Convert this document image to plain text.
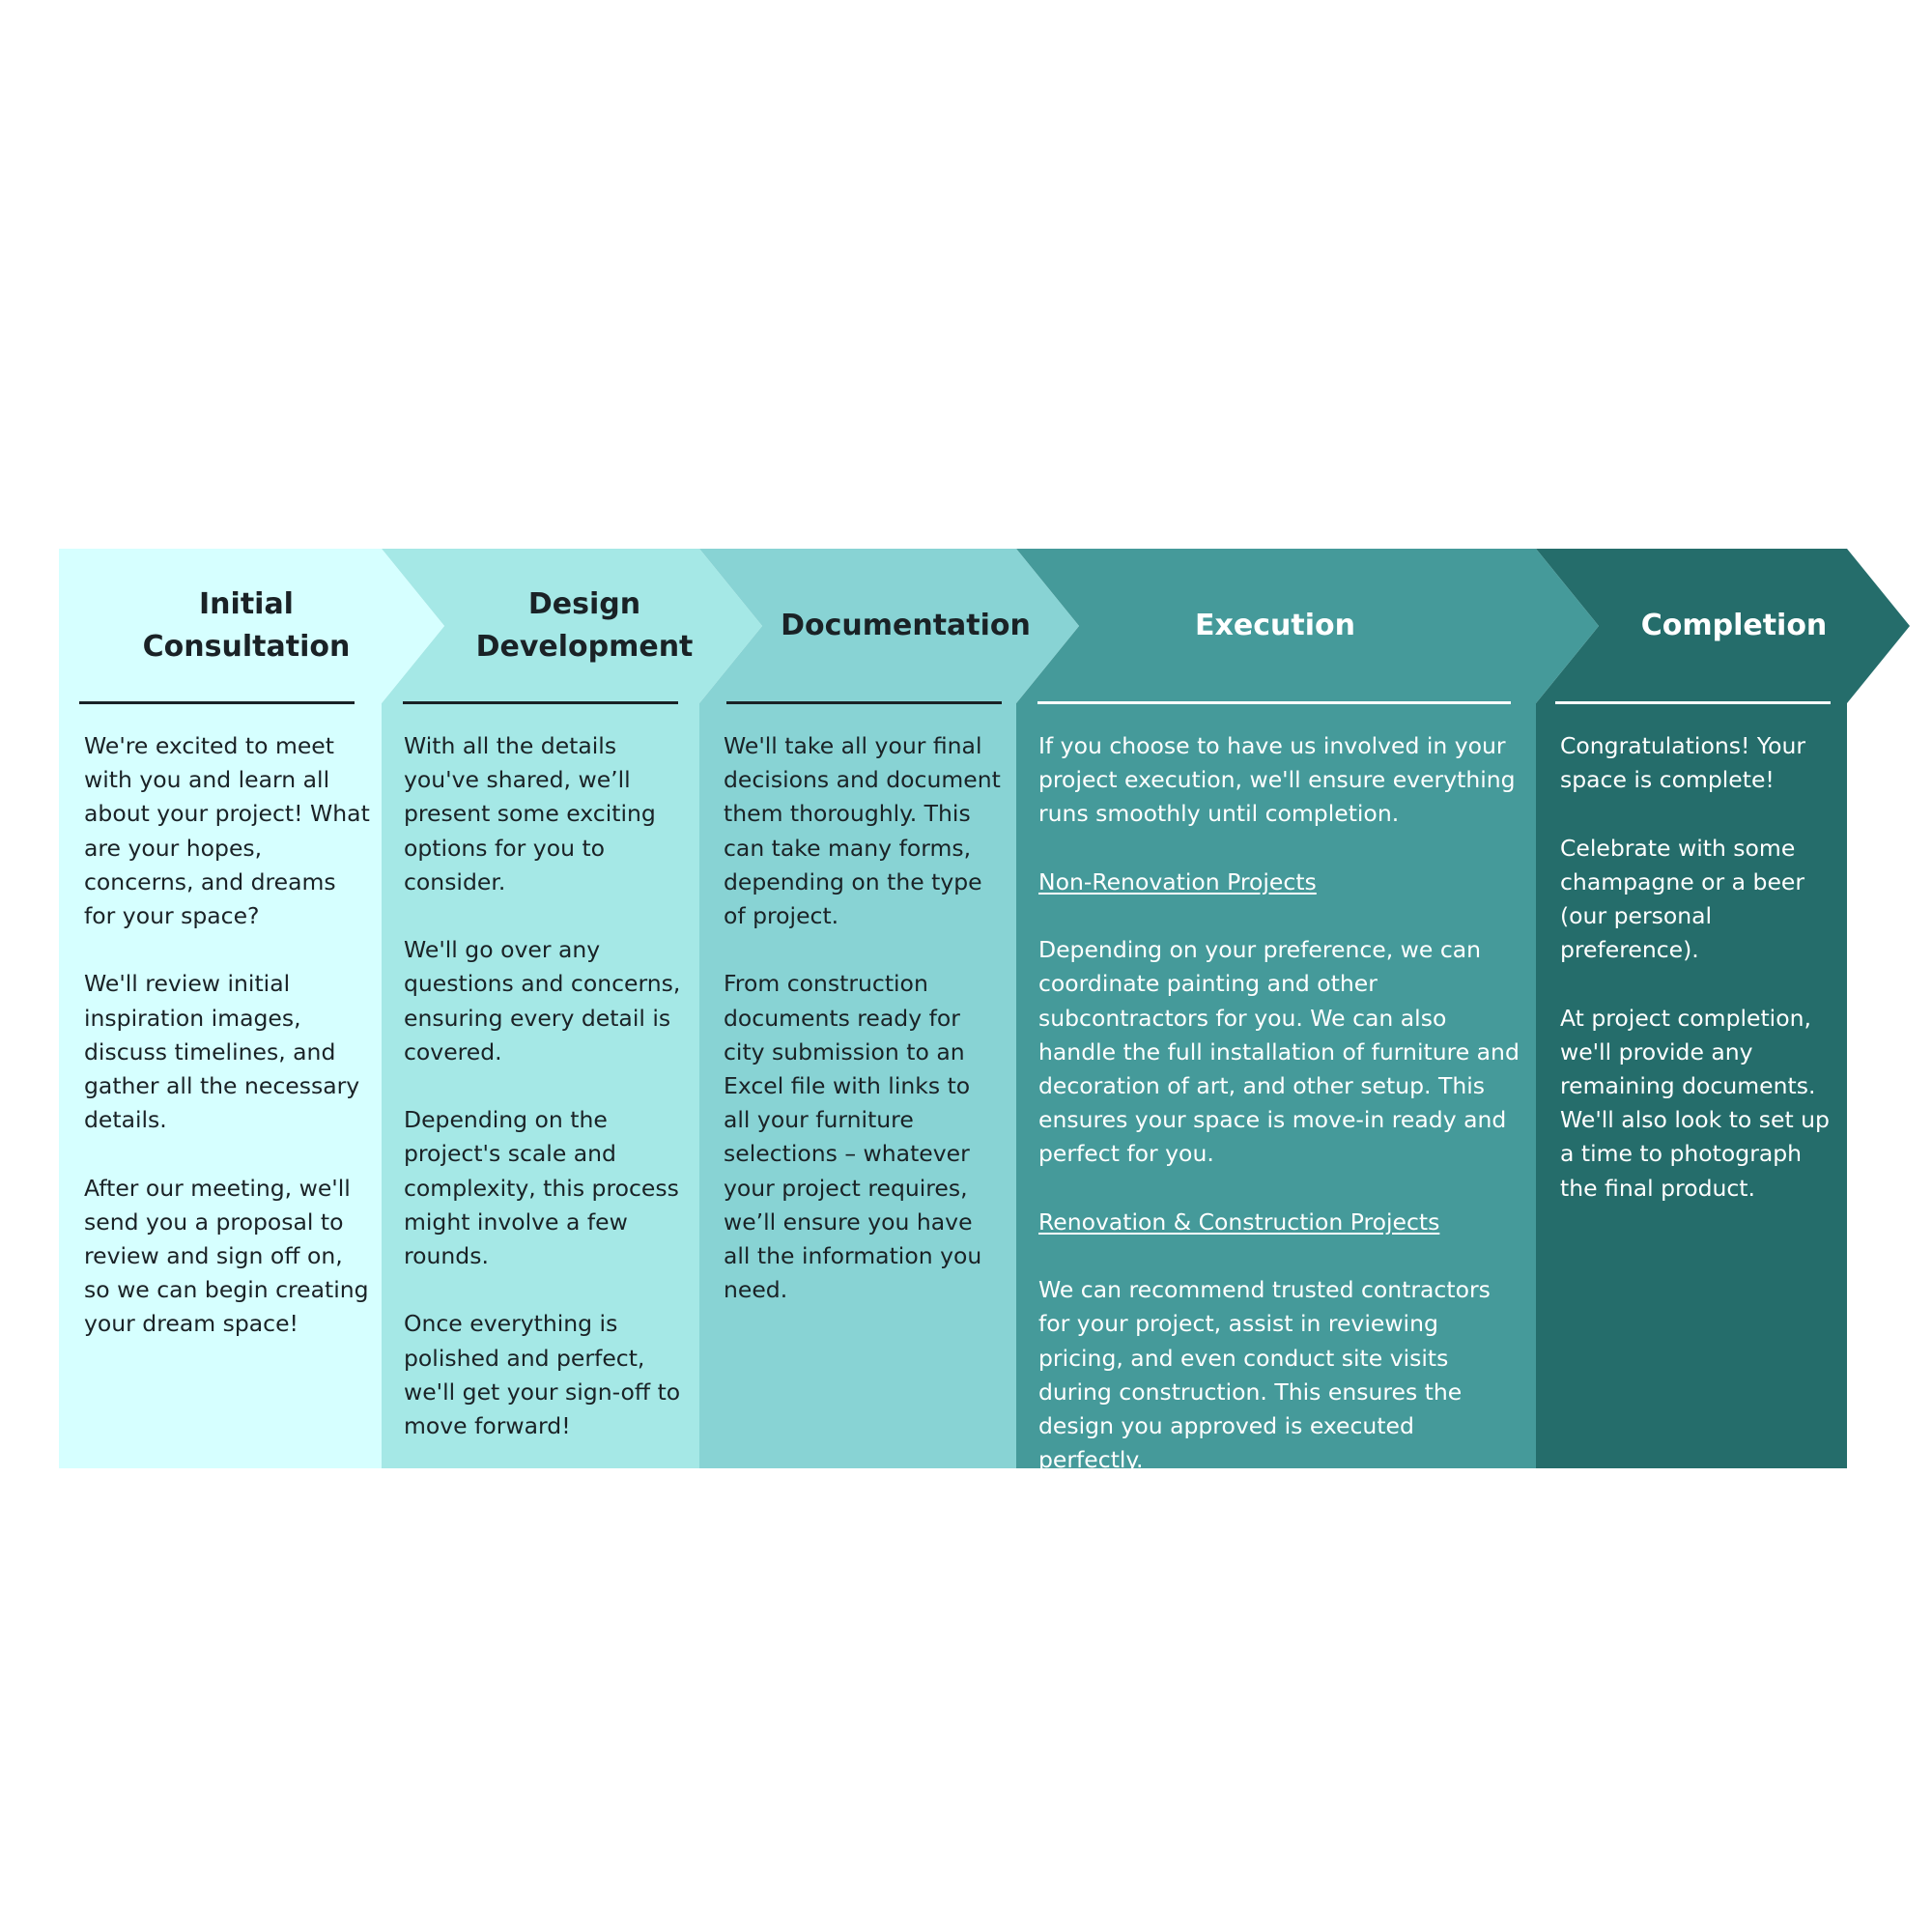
Initial Consultation

We're excited to meet with you and learn all about your project! What are your hopes, concerns, and dreams for your space?

We'll review initial inspiration images, discuss timelines, and gather all the necessary details.

After our meeting, we'll send you a proposal to review and sign off on, so we can begin creating your dream space!

Design Development

With all the details you've shared, we’ll present some exciting options for you to consider.

We'll go over any questions and concerns, ensuring every detail is covered.

Depending on the project's scale and complexity, this process might involve a few rounds.

Once everything is polished and perfect, we'll get your sign-off to move forward!

Documentation

We'll take all your final decisions and document them thoroughly. This can take many forms, depending on the type of project.

From construction documents ready for city submission to an Excel file with links to all your furniture selections – whatever your project requires, we’ll ensure you have all the information you need.

Execution

If you choose to have us involved in your project execution, we'll ensure everything runs smoothly until completion.

Non-Renovation Projects

Depending on your preference, we can coordinate painting and other subcontractors for you. We can also handle the full installation of furniture and decoration of art, and other setup. This ensures your space is move-in ready and perfect for you.

Renovation & Construction Projects

We can recommend trusted contractors for your project, assist in reviewing pricing, and even conduct site visits during construction. This ensures the design you approved is executed perfectly.

Completion

Congratulations! Your space is complete!

Celebrate with some champagne or a beer (our personal preference).

At project completion, we'll provide any remaining documents. We'll also look to set up a time to photograph the final product.
